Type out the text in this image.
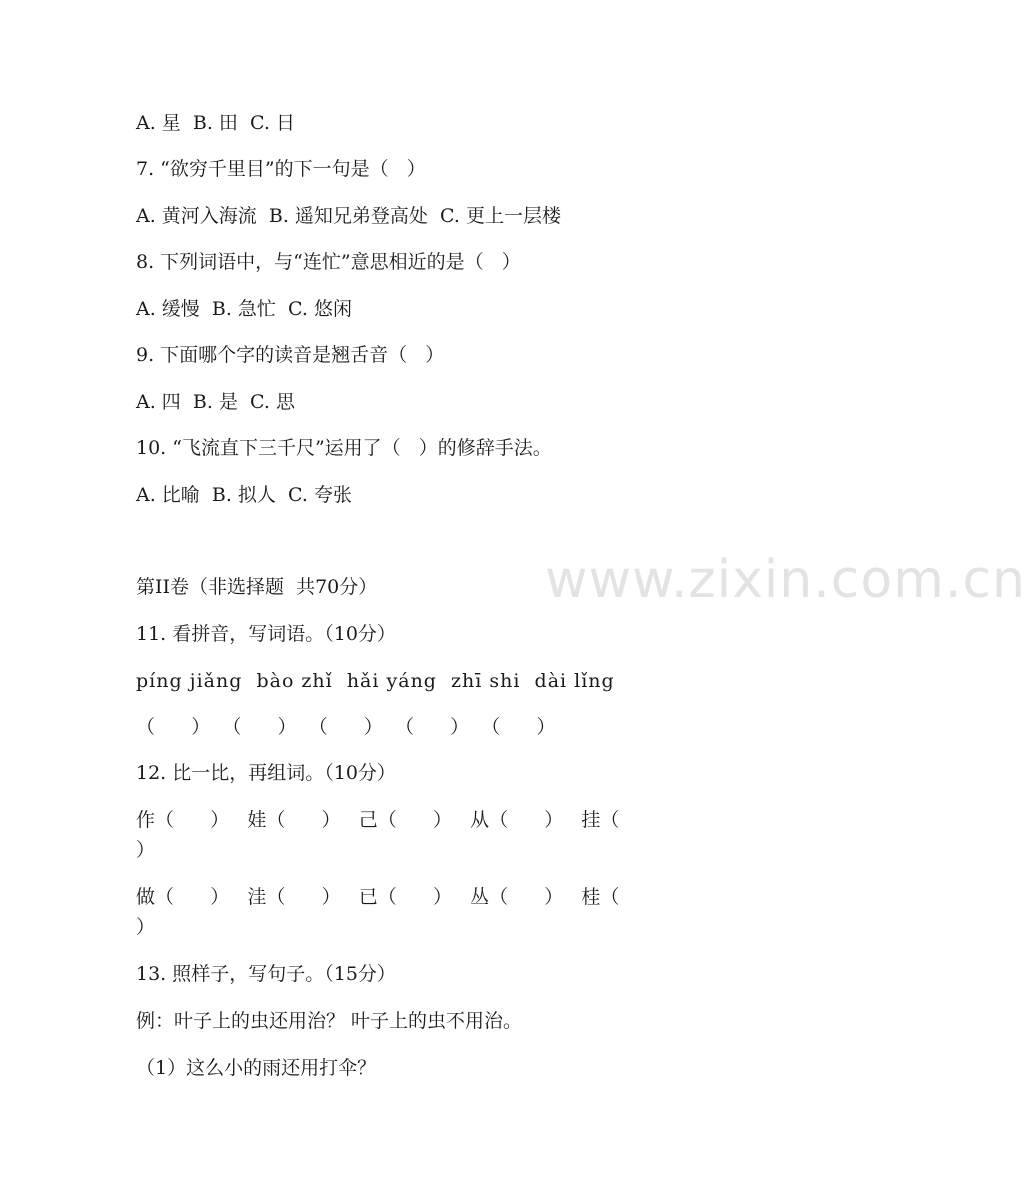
www.zixin.com.cn
A. 星  B. 田  C. 日
7. “欲穷千里目”的下一句是（   ）
A. 黄河入海流  B. 遥知兄弟登高处  C. 更上一层楼
8. 下列词语中，与“连忙”意思相近的是（   ）
A. 缓慢  B. 急忙  C. 悠闲
9. 下面哪个字的读音是翘舌音（   ）
A. 四  B. 是  C. 思
10. “飞流直下三千尺”运用了（   ）的修辞手法。
A. 比喻  B. 拟人  C. 夸张
第II卷（非选择题  共70分）
11. 看拼音，写词语。（10分）
píng jiǎng  bào zhǐ  hǎi yáng  zhī shi  dài lǐng
（      ）  （      ）  （      ）  （      ）  （      ）
12. 比一比，再组词。（10分）
作（      ）   娃（      ）   己（      ）   从（      ）   挂（
）
做（      ）   洼（      ）   已（      ）   丛（      ）   桂（
）
13. 照样子，写句子。（15分）
例：叶子上的虫还用治？ 叶子上的虫不用治。
（1）这么小的雨还用打伞？
